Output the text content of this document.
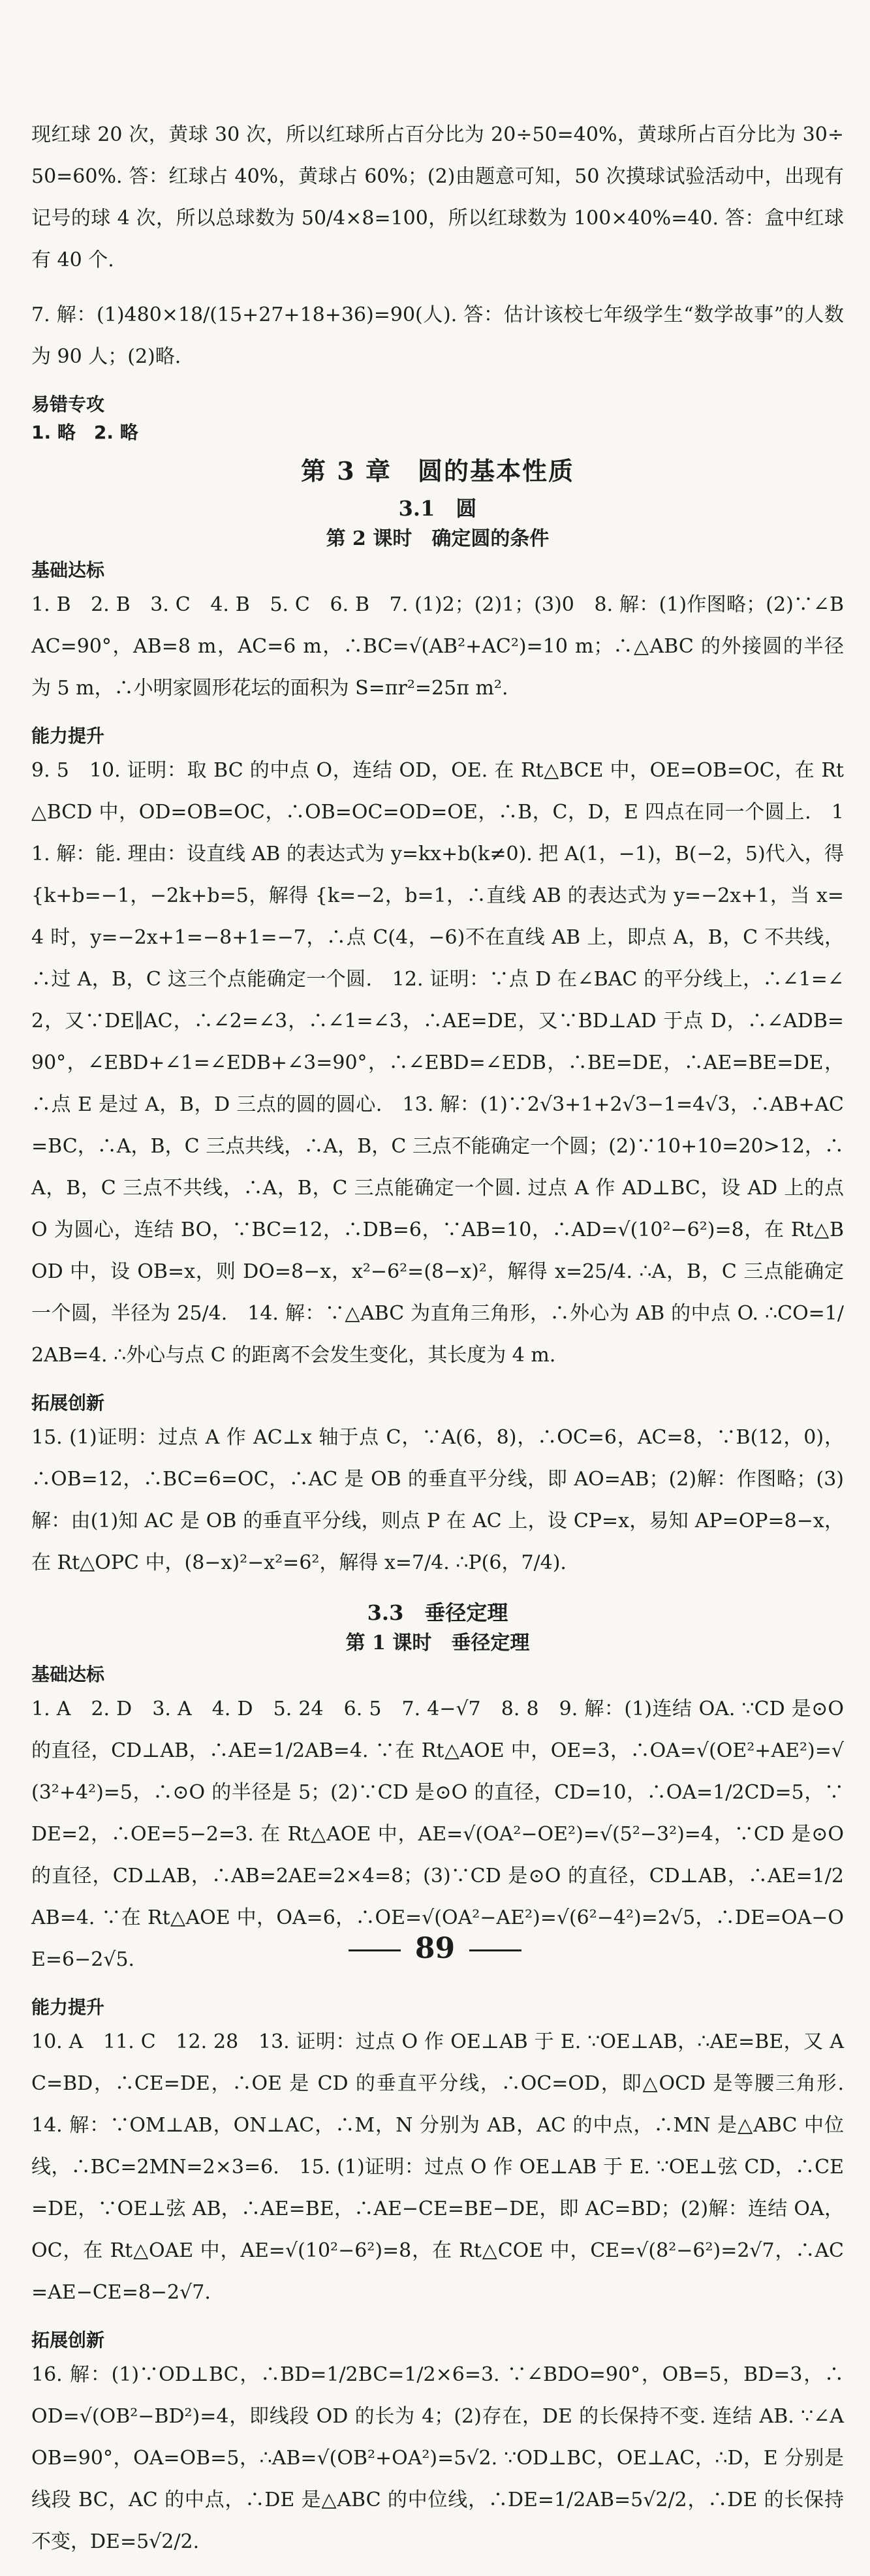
现红球 20 次，黄球 30 次，所以红球所占百分比为 20÷50=40%，黄球所占百分比为 30÷50=60%. 答：红球占 40%，黄球占 60%；(2)由题意可知，50 次摸球试验活动中，出现有记号的球 4 次，所以总球数为 50/4×8=100，所以红球数为 100×40%=40. 答：盒中红球有 40 个.

7. 解：(1)480×18/(15+27+18+36)=90(人). 答：估计该校七年级学生“数学故事”的人数为 90 人；(2)略.

易错专攻
1. 略　2. 略
第 3 章　圆的基本性质
3.1　圆
第 2 课时　确定圆的条件
基础达标

1. B　2. B　3. C　4. B　5. C　6. B　7. (1)2；(2)1；(3)0　8. 解：(1)作图略；(2)∵∠BAC=90°，AB=8 m，AC=6 m，∴BC=√(AB²+AC²)=10 m；∴△ABC 的外接圆的半径为 5 m，∴小明家圆形花坛的面积为 S=πr²=25π m².

能力提升

9. 5　10. 证明：取 BC 的中点 O，连结 OD，OE. 在 Rt△BCE 中，OE=OB=OC，在 Rt△BCD 中，OD=OB=OC，∴OB=OC=OD=OE，∴B，C，D，E 四点在同一个圆上.　11. 解：能. 理由：设直线 AB 的表达式为 y=kx+b(k≠0). 把 A(1，−1)，B(−2，5)代入，得 {k+b=−1，−2k+b=5，解得 {k=−2，b=1，∴直线 AB 的表达式为 y=−2x+1，当 x=4 时，y=−2x+1=−8+1=−7，∴点 C(4，−6)不在直线 AB 上，即点 A，B，C 不共线，∴过 A，B，C 这三个点能确定一个圆.　12. 证明：∵点 D 在∠BAC 的平分线上，∴∠1=∠2，又∵DE∥AC，∴∠2=∠3，∴∠1=∠3，∴AE=DE，又∵BD⊥AD 于点 D，∴∠ADB=90°，∠EBD+∠1=∠EDB+∠3=90°，∴∠EBD=∠EDB，∴BE=DE，∴AE=BE=DE，∴点 E 是过 A，B，D 三点的圆的圆心.　13. 解：(1)∵2√3+1+2√3−1=4√3，∴AB+AC=BC，∴A，B，C 三点共线，∴A，B，C 三点不能确定一个圆；(2)∵10+10=20>12，∴A，B，C 三点不共线，∴A，B，C 三点能确定一个圆. 过点 A 作 AD⊥BC，设 AD 上的点 O 为圆心，连结 BO，∵BC=12，∴DB=6，∵AB=10，∴AD=√(10²−6²)=8，在 Rt△BOD 中，设 OB=x，则 DO=8−x，x²−6²=(8−x)²，解得 x=25/4. ∴A，B，C 三点能确定一个圆，半径为 25/4.　14. 解：∵△ABC 为直角三角形，∴外心为 AB 的中点 O. ∴CO=1/2AB=4. ∴外心与点 C 的距离不会发生变化，其长度为 4 m.

拓展创新

15. (1)证明：过点 A 作 AC⊥x 轴于点 C，∵A(6，8)，∴OC=6，AC=8，∵B(12，0)，∴OB=12，∴BC=6=OC，∴AC 是 OB 的垂直平分线，即 AO=AB；(2)解：作图略；(3)解：由(1)知 AC 是 OB 的垂直平分线，则点 P 在 AC 上，设 CP=x，易知 AP=OP=8−x，在 Rt△OPC 中，(8−x)²−x²=6²，解得 x=7/4. ∴P(6，7/4).

3.3　垂径定理
第 1 课时　垂径定理
基础达标

1. A　2. D　3. A　4. D　5. 24　6. 5　7. 4−√7　8. 8　9. 解：(1)连结 OA. ∵CD 是⊙O 的直径，CD⊥AB，∴AE=1/2AB=4. ∵在 Rt△AOE 中，OE=3，∴OA=√(OE²+AE²)=√(3²+4²)=5，∴⊙O 的半径是 5；(2)∵CD 是⊙O 的直径，CD=10，∴OA=1/2CD=5，∵DE=2，∴OE=5−2=3. 在 Rt△AOE 中，AE=√(OA²−OE²)=√(5²−3²)=4，∵CD 是⊙O 的直径，CD⊥AB，∴AB=2AE=2×4=8；(3)∵CD 是⊙O 的直径，CD⊥AB，∴AE=1/2AB=4. ∵在 Rt△AOE 中，OA=6，∴OE=√(OA²−AE²)=√(6²−4²)=2√5，∴DE=OA−OE=6−2√5.

能力提升

10. A　11. C　12. 28　13. 证明：过点 O 作 OE⊥AB 于 E. ∵OE⊥AB，∴AE=BE，又 AC=BD，∴CE=DE，∴OE 是 CD 的垂直平分线，∴OC=OD，即△OCD 是等腰三角形.　14. 解：∵OM⊥AB，ON⊥AC，∴M，N 分别为 AB，AC 的中点，∴MN 是△ABC 中位线，∴BC=2MN=2×3=6.　15. (1)证明：过点 O 作 OE⊥AB 于 E. ∵OE⊥弦 CD，∴CE=DE，∵OE⊥弦 AB，∴AE=BE，∴AE−CE=BE−DE，即 AC=BD；(2)解：连结 OA，OC，在 Rt△OAE 中，AE=√(10²−6²)=8，在 Rt△COE 中，CE=√(8²−6²)=2√7，∴AC=AE−CE=8−2√7.

拓展创新

16. 解：(1)∵OD⊥BC，∴BD=1/2BC=1/2×6=3. ∵∠BDO=90°，OB=5，BD=3，∴OD=√(OB²−BD²)=4，即线段 OD 的长为 4；(2)存在，DE 的长保持不变. 连结 AB. ∵∠AOB=90°，OA=OB=5，∴AB=√(OB²+OA²)=5√2. ∵OD⊥BC，OE⊥AC，∴D，E 分别是线段 BC，AC 的中点，∴DE 是△ABC 的中位线，∴DE=1/2AB=5√2/2，∴DE 的长保持不变，DE=5√2/2.

89
